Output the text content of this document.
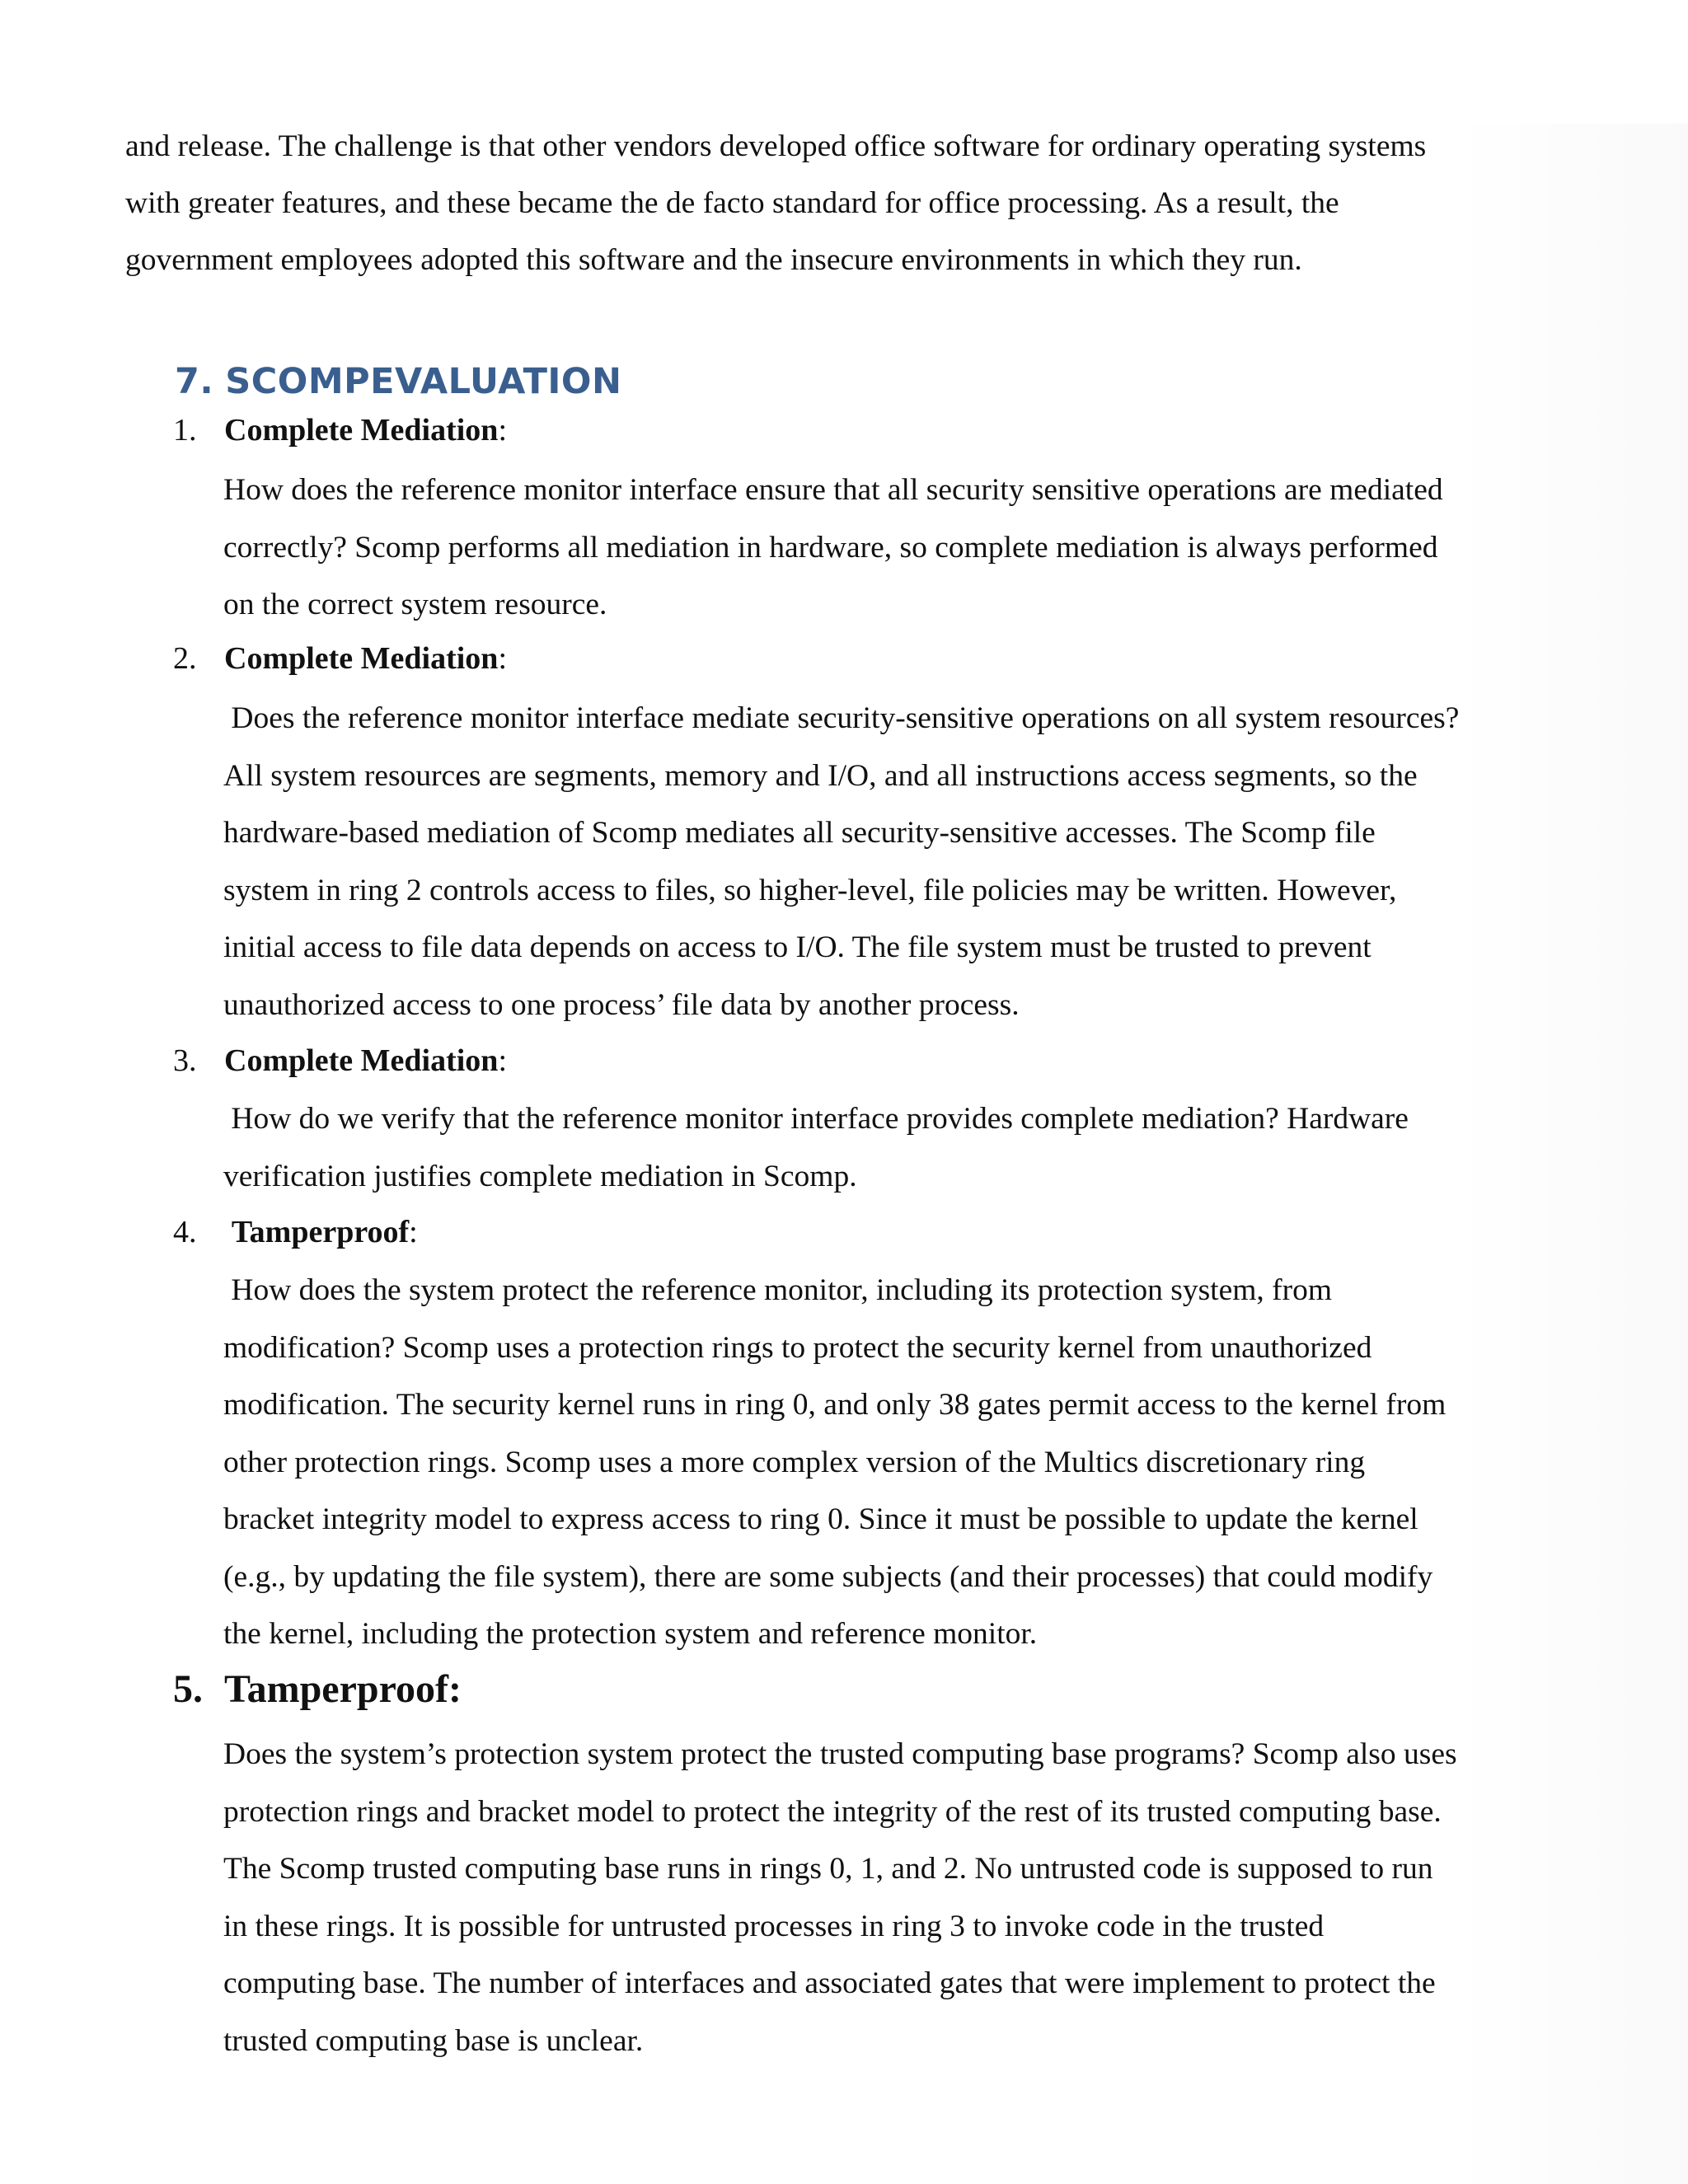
and release. The challenge is that other vendors developed office software for ordinary operating systems

with greater features, and these became the de facto standard for office processing. As a result, the

government employees adopted this software and the insecure environments in which they run.

7. SCOMPEVALUATION
1. Complete Mediation:

How does the reference monitor interface ensure that all security sensitive operations are mediated

correctly? Scomp performs all mediation in hardware, so complete mediation is always performed

on the correct system resource.

2. Complete Mediation:

Does the reference monitor interface mediate security-sensitive operations on all system resources?

All system resources are segments, memory and I/O, and all instructions access segments, so the

hardware-based mediation of Scomp mediates all security-sensitive accesses. The Scomp file

system in ring 2 controls access to files, so higher-level, file policies may be written. However,

initial access to file data depends on access to I/O. The file system must be trusted to prevent

unauthorized access to one process’ file data by another process.

3. Complete Mediation:

How do we verify that the reference monitor interface provides complete mediation? Hardware

verification justifies complete mediation in Scomp.

4. Tamperproof:

How does the system protect the reference monitor, including its protection system, from

modification? Scomp uses a protection rings to protect the security kernel from unauthorized

modification. The security kernel runs in ring 0, and only 38 gates permit access to the kernel from

other protection rings. Scomp uses a more complex version of the Multics discretionary ring

bracket integrity model to express access to ring 0. Since it must be possible to update the kernel

(e.g., by updating the file system), there are some subjects (and their processes) that could modify

the kernel, including the protection system and reference monitor.

5. Tamperproof:

Does the system’s protection system protect the trusted computing base programs? Scomp also uses

protection rings and bracket model to protect the integrity of the rest of its trusted computing base.

The Scomp trusted computing base runs in rings 0, 1, and 2. No untrusted code is supposed to run

in these rings. It is possible for untrusted processes in ring 3 to invoke code in the trusted

computing base. The number of interfaces and associated gates that were implement to protect the

trusted computing base is unclear.
